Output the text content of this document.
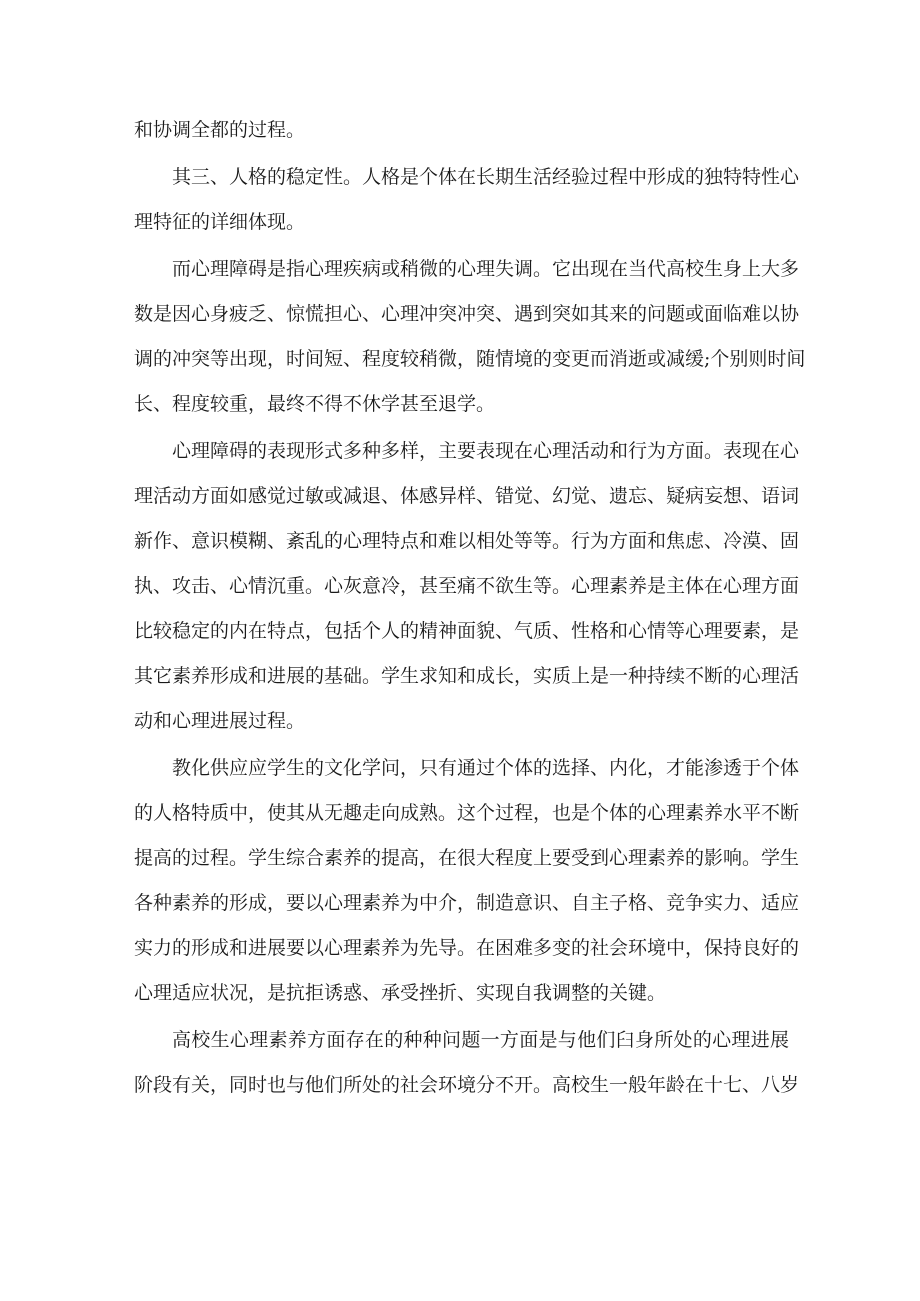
和协调全都的过程。
其三、人格的稳定性。人格是个体在长期生活经验过程中形成的独特特性心
理特征的详细体现。
而心理障碍是指心理疾病或稍微的心理失调。它出现在当代高校生身上大多
数是因心身疲乏、惊慌担心、心理冲突冲突、遇到突如其来的问题或面临难以协
调的冲突等出现，时间短、程度较稍微，随情境的变更而消逝或减缓;个别则时间
长、程度较重，最终不得不休学甚至退学。
心理障碍的表现形式多种多样，主要表现在心理活动和行为方面。表现在心
理活动方面如感觉过敏或减退、体感异样、错觉、幻觉、遗忘、疑病妄想、语词
新作、意识模糊、紊乱的心理特点和难以相处等等。行为方面和焦虑、冷漠、固
执、攻击、心情沉重。心灰意冷，甚至痛不欲生等。心理素养是主体在心理方面
比较稳定的内在特点，包括个人的精神面貌、气质、性格和心情等心理要素，是
其它素养形成和进展的基础。学生求知和成长，实质上是一种持续不断的心理活
动和心理进展过程。
教化供应应学生的文化学问，只有通过个体的选择、内化，才能渗透于个体
的人格特质中，使其从无趣走向成熟。这个过程，也是个体的心理素养水平不断
提高的过程。学生综合素养的提高，在很大程度上要受到心理素养的影响。学生
各种素养的形成，要以心理素养为中介，制造意识、自主子格、竞争实力、适应
实力的形成和进展要以心理素养为先导。在困难多变的社会环境中，保持良好的
心理适应状况，是抗拒诱惑、承受挫折、实现自我调整的关键。
高校生心理素养方面存在的种种问题一方面是与他们臼身所处的心理进展
阶段有关，同时也与他们所处的社会环境分不开。高校生一般年龄在十七、八岁
